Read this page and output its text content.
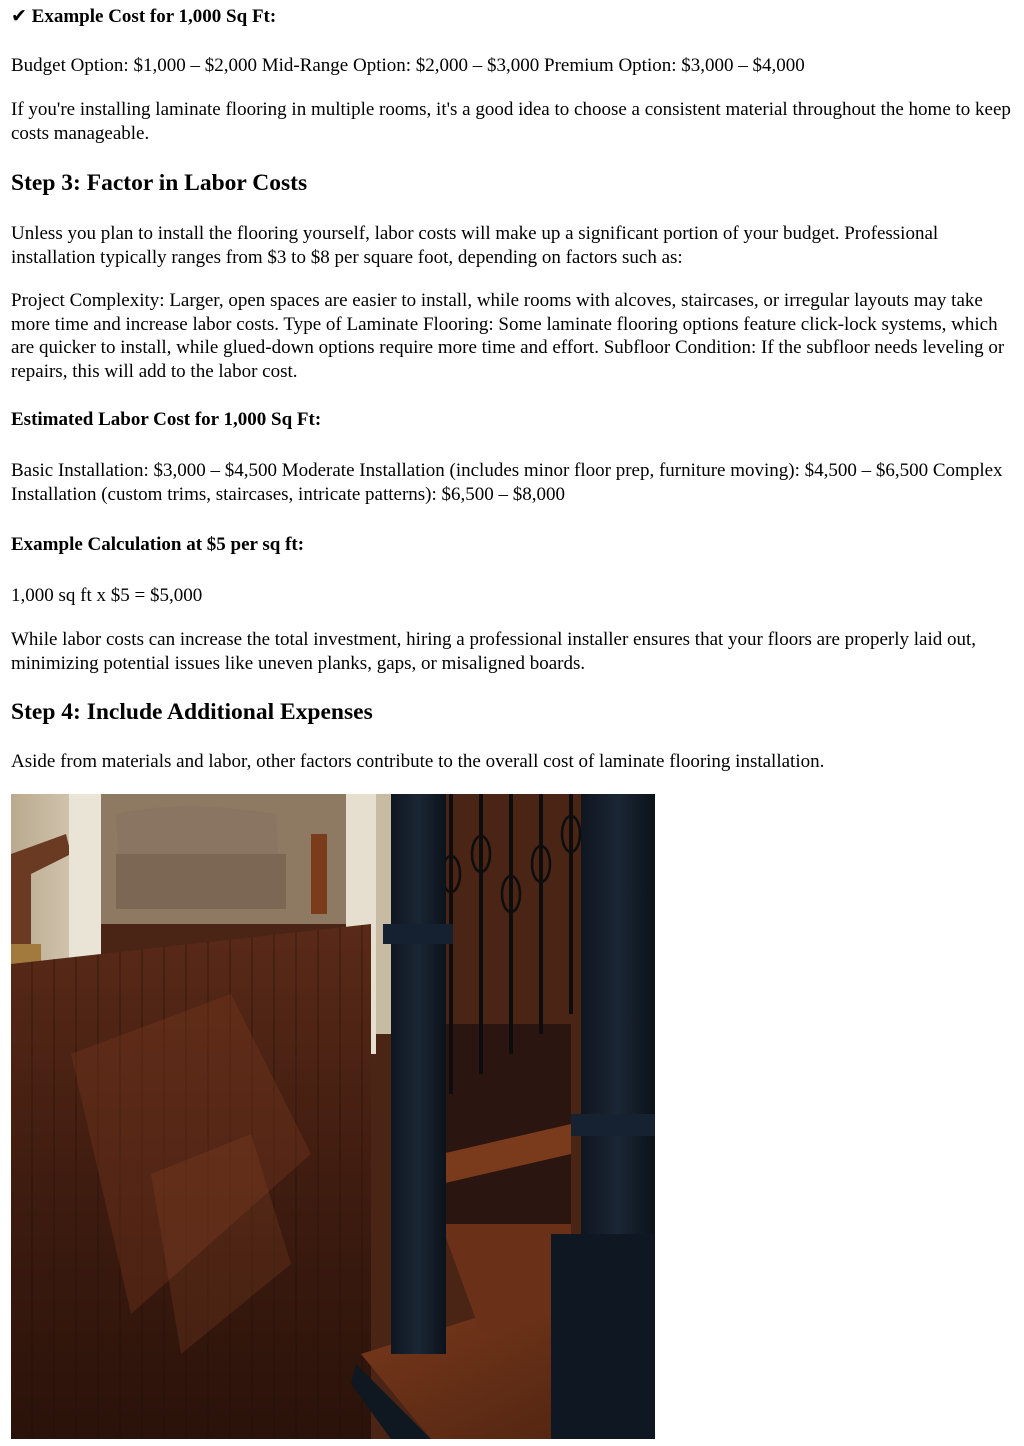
✔ Example Cost for 1,000 Sq Ft:

Budget Option: $1,000 – $2,000 Mid-Range Option: $2,000 – $3,000 Premium Option: $3,000 – $4,000

If you're installing laminate flooring in multiple rooms, it's a good idea to choose a consistent material throughout the home to keep costs manageable.

Step 3: Factor in Labor Costs

Unless you plan to install the flooring yourself, labor costs will make up a significant portion of your budget. Professional installation typically ranges from $3 to $8 per square foot, depending on factors such as:

Project Complexity: Larger, open spaces are easier to install, while rooms with alcoves, staircases, or irregular layouts may take more time and increase labor costs. Type of Laminate Flooring: Some laminate flooring options feature click-lock systems, which are quicker to install, while glued-down options require more time and effort. Subfloor Condition: If the subfloor needs leveling or repairs, this will add to the labor cost.

Estimated Labor Cost for 1,000 Sq Ft:

Basic Installation: $3,000 – $4,500 Moderate Installation (includes minor floor prep, furniture moving): $4,500 – $6,500 Complex Installation (custom trims, staircases, intricate patterns): $6,500 – $8,000

Example Calculation at $5 per sq ft:

1,000 sq ft x $5 = $5,000

While labor costs can increase the total investment, hiring a professional installer ensures that your floors are properly laid out, minimizing potential issues like uneven planks, gaps, or misaligned boards.

Step 4: Include Additional Expenses

Aside from materials and labor, other factors contribute to the overall cost of laminate flooring installation.
